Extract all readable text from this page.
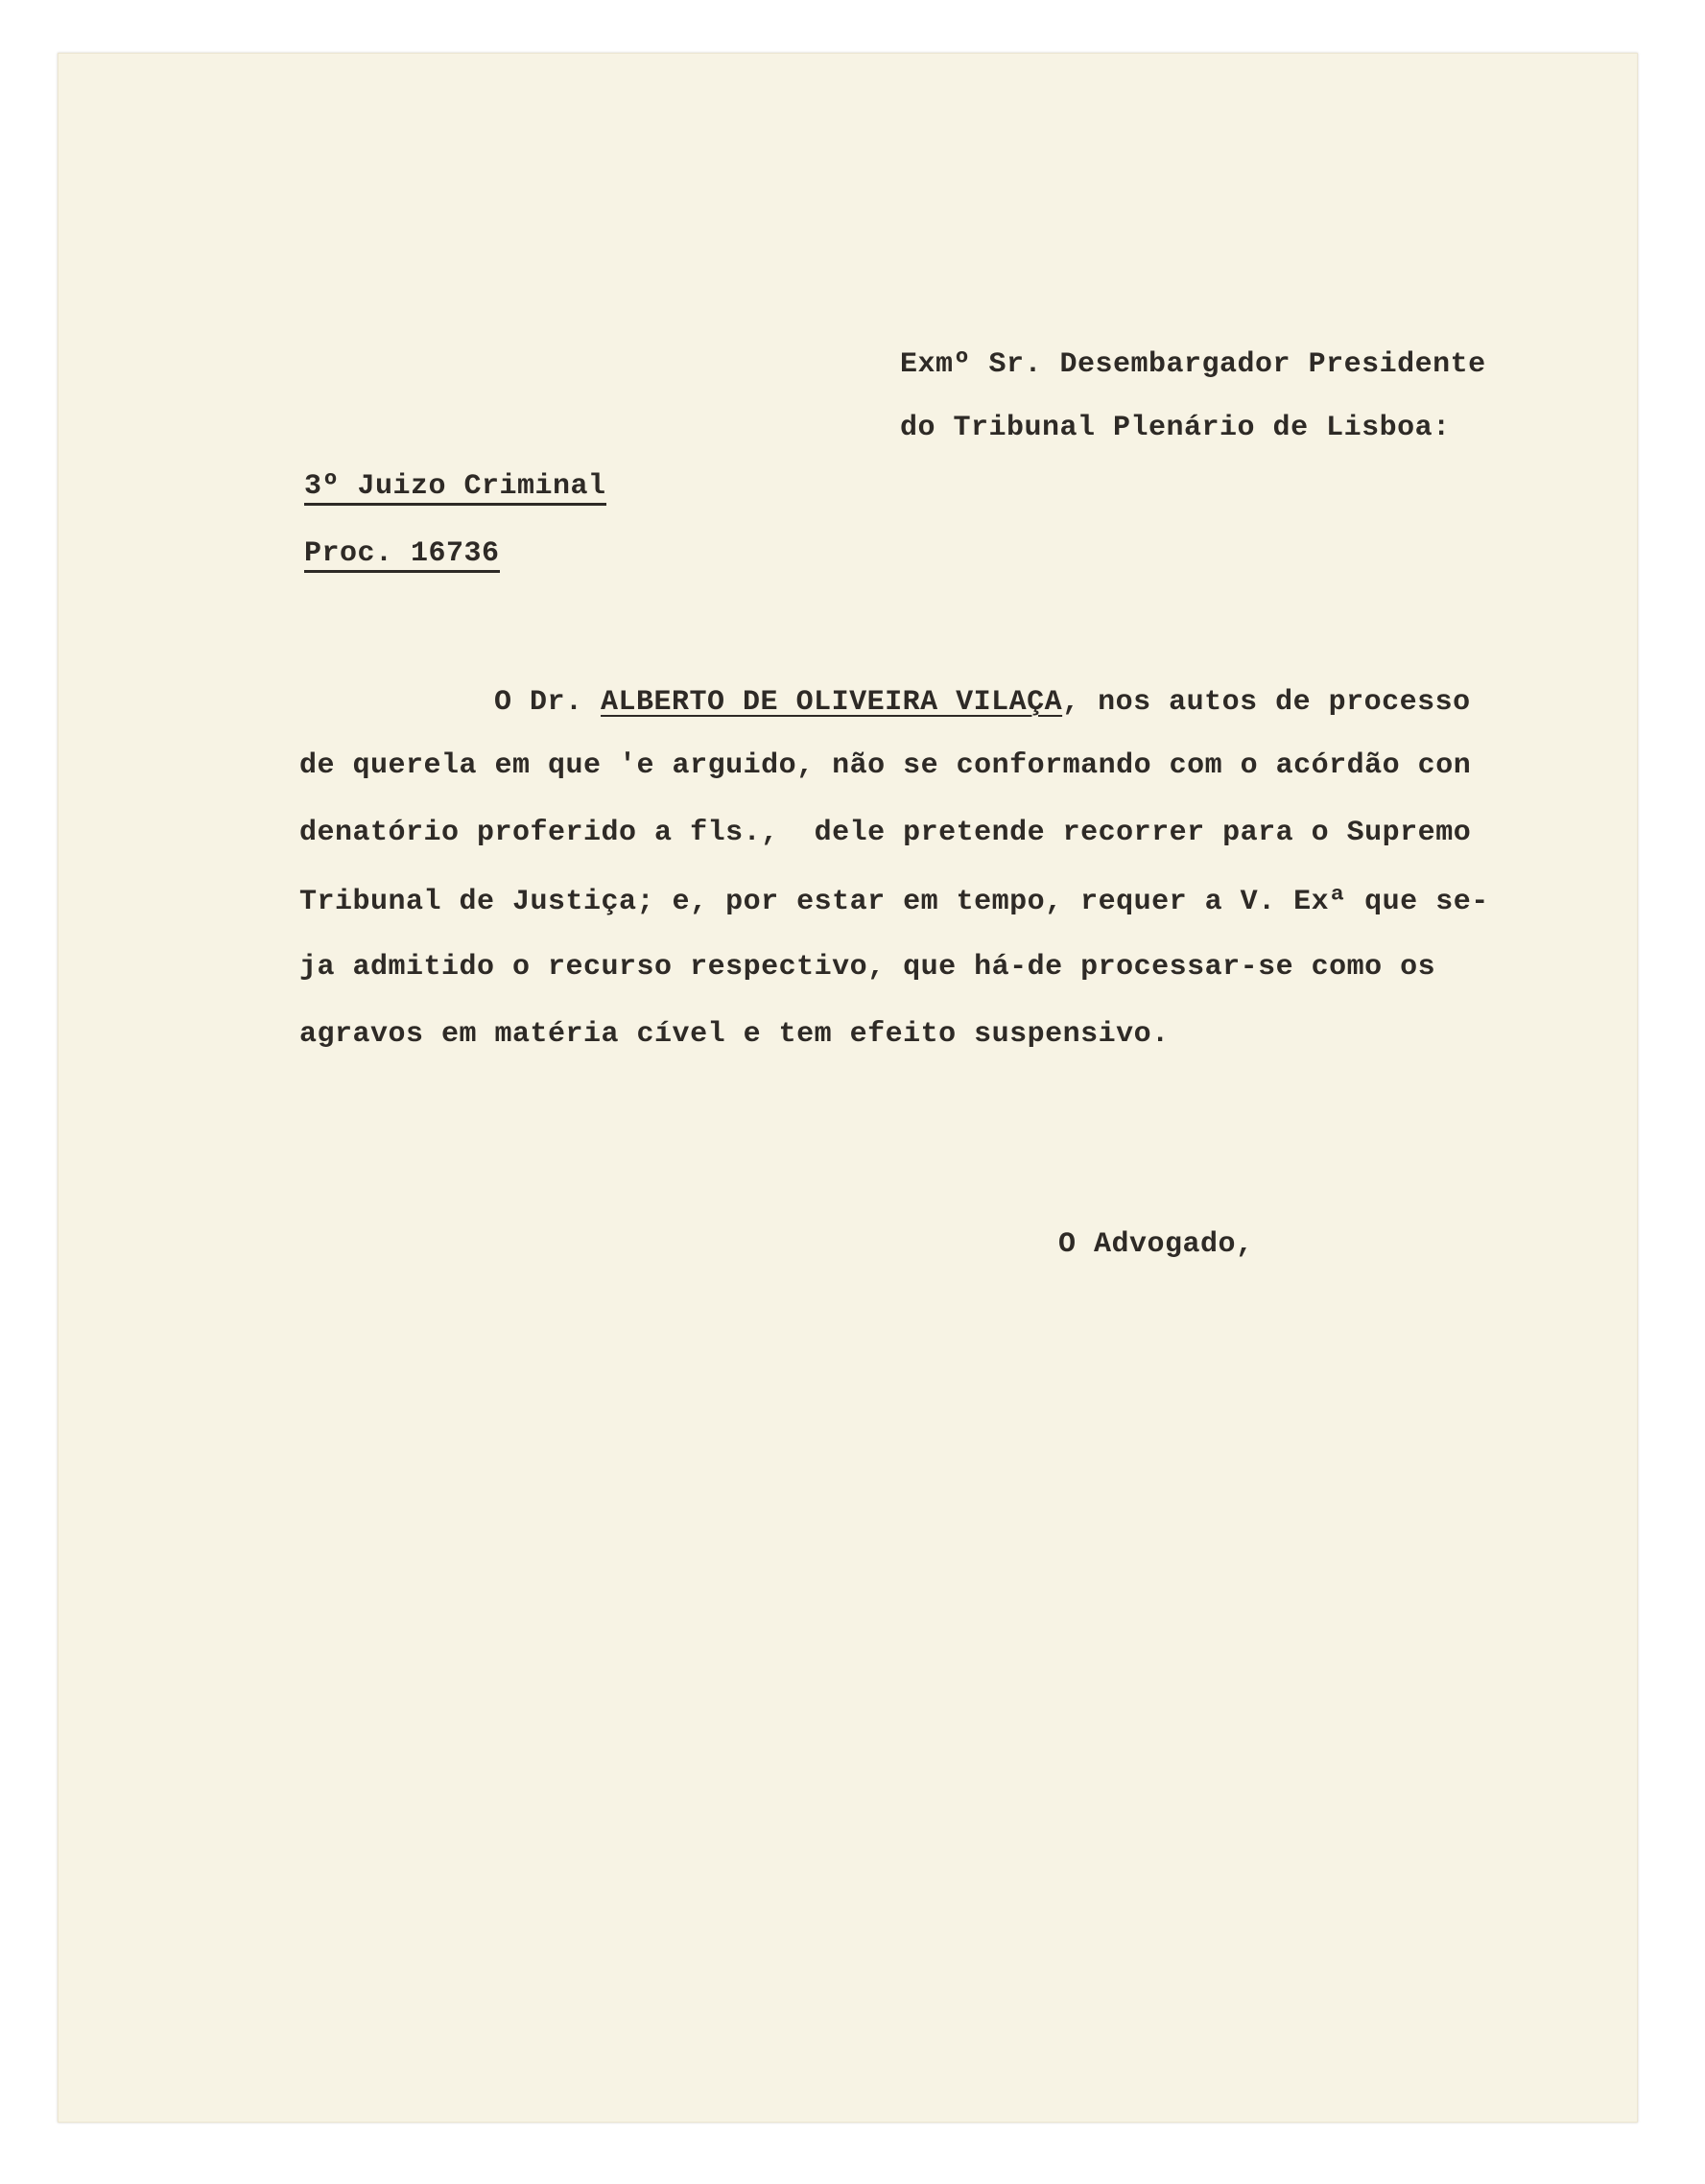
Exmº Sr. Desembargador Presidente
do Tribunal Plenário de Lisboa:
3º Juizo Criminal
Proc. 16736
O Dr. ALBERTO DE OLIVEIRA VILAÇA, nos autos de processo
de querela em que 'e arguido, não se conformando com o acórdão con
denatório proferido a fls.,  dele pretende recorrer para o Supremo
Tribunal de Justiça; e, por estar em tempo, requer a V. Exª que se-
ja admitido o recurso respectivo, que há-de processar-se como os
agravos em matéria cível e tem efeito suspensivo.
O Advogado,
